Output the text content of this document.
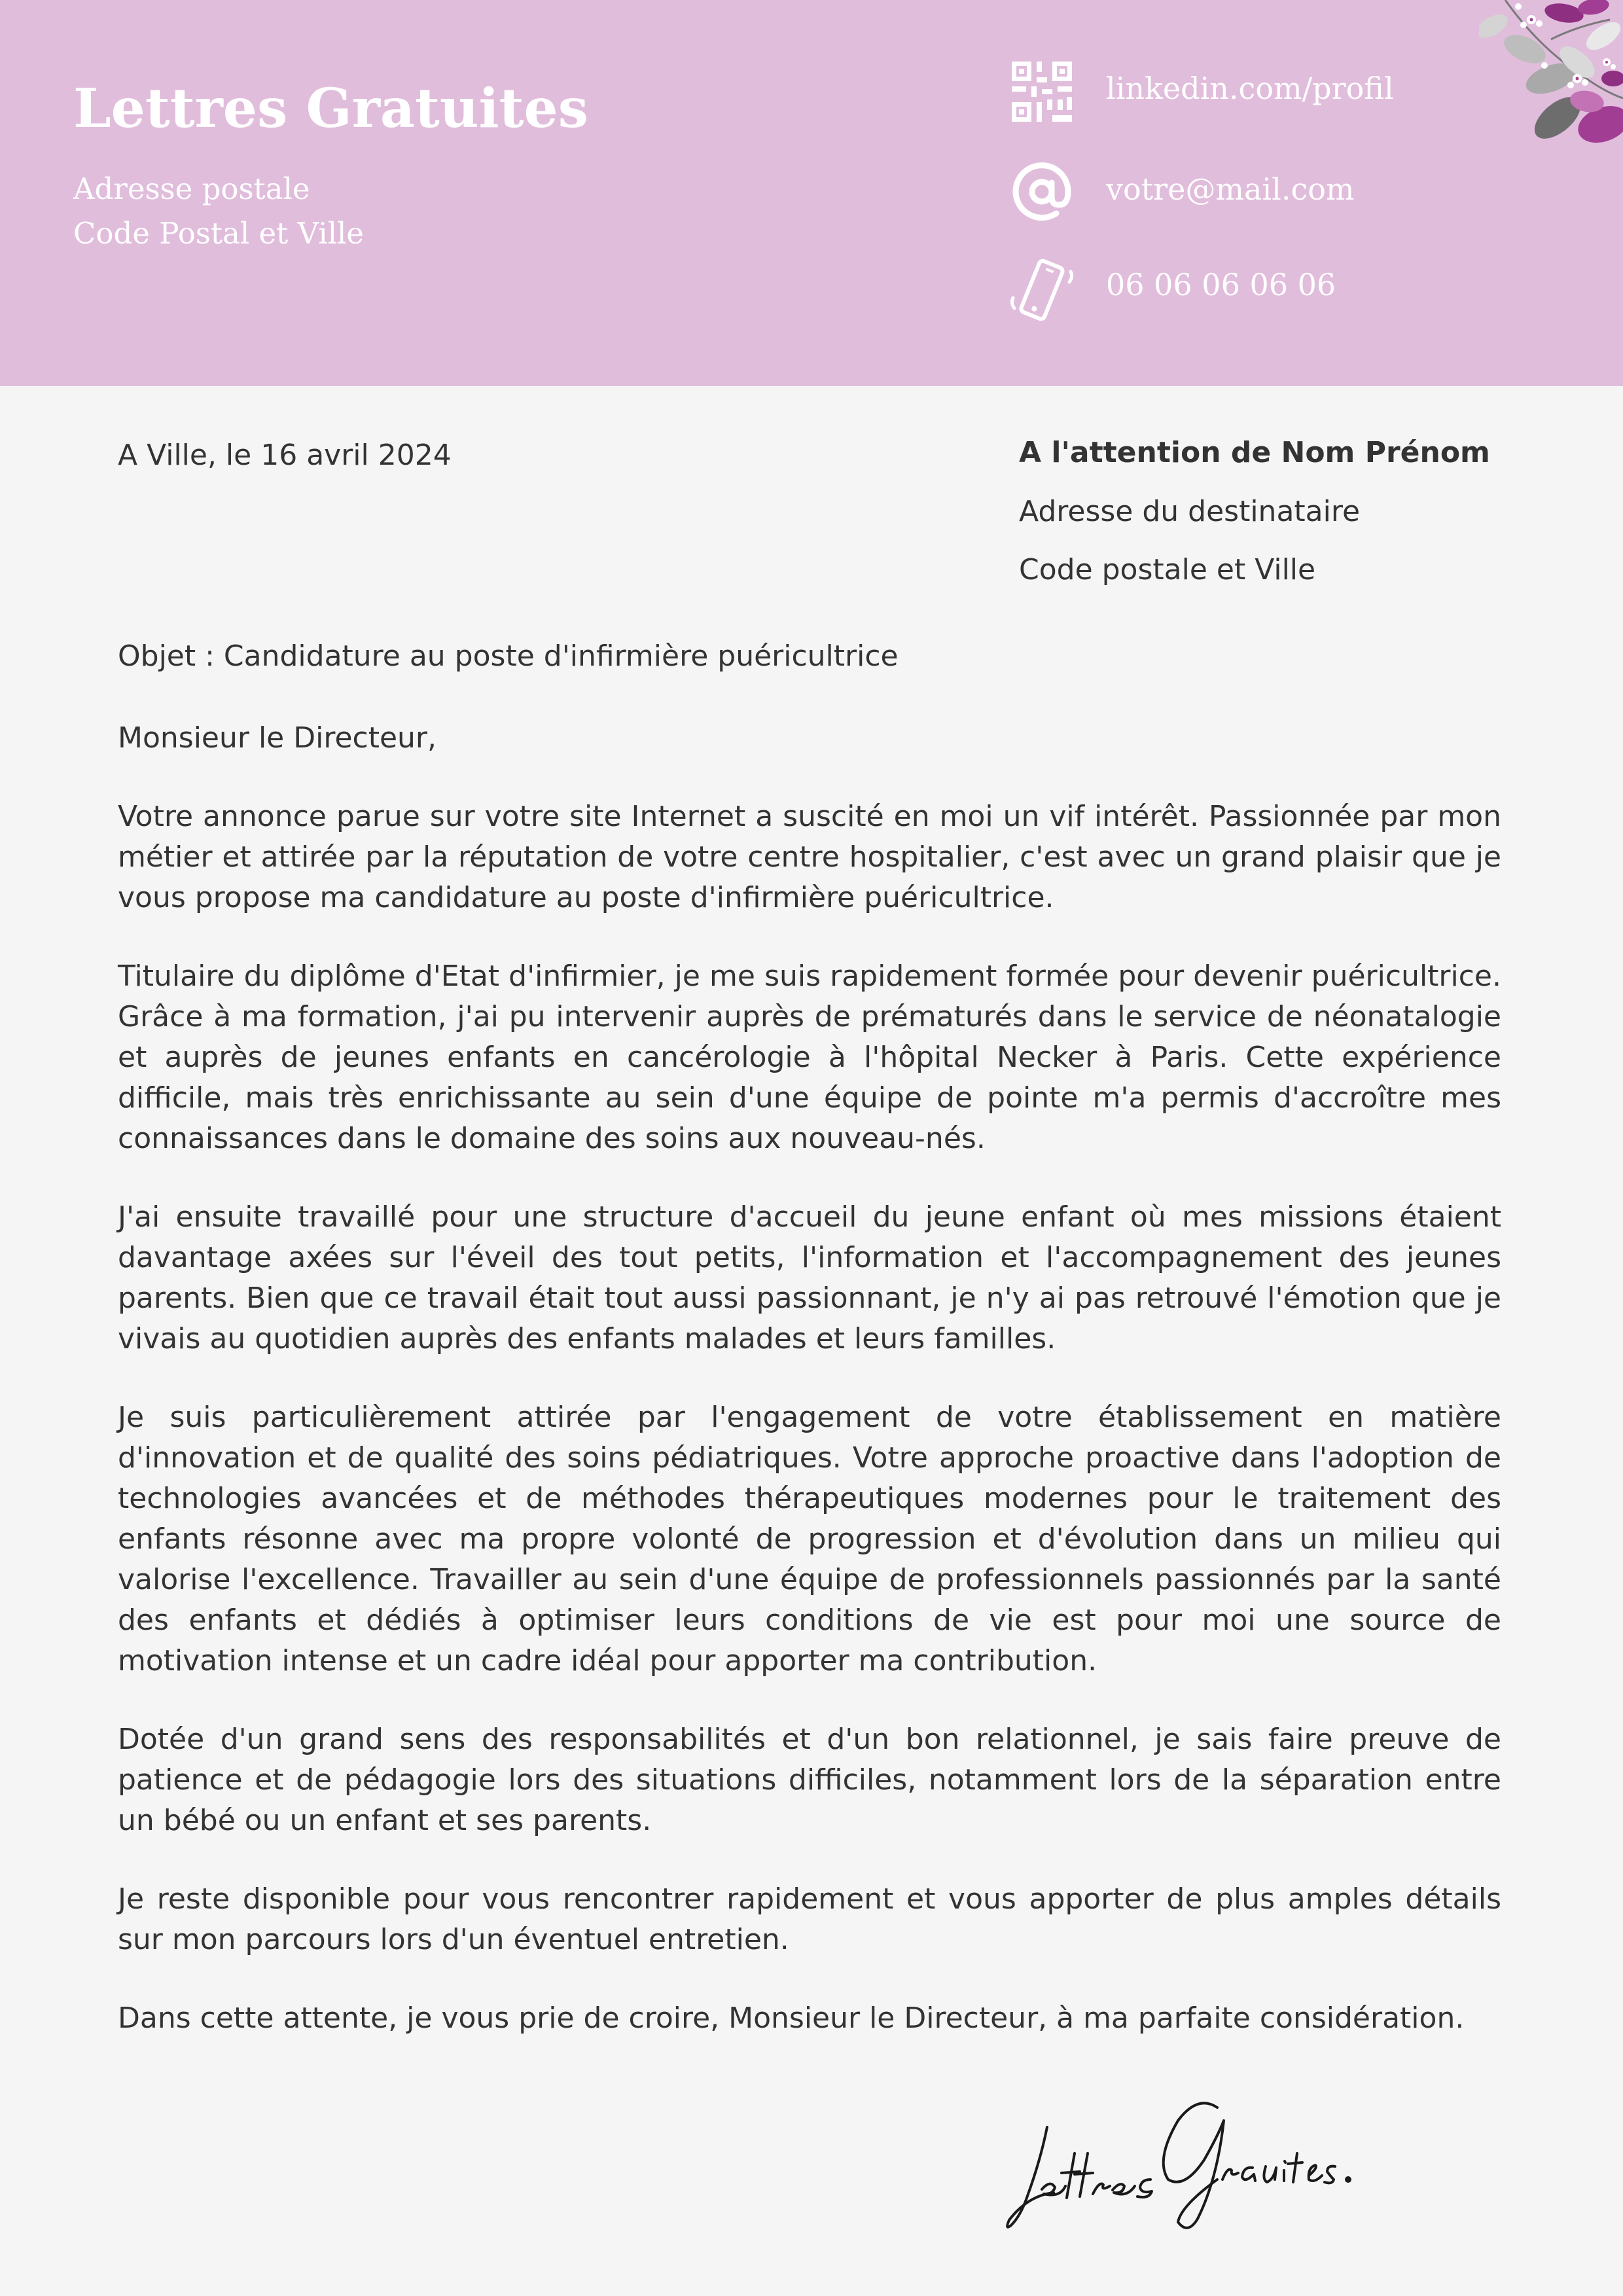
Lettres Gratuites
Adresse postale
Code Postal et Ville
linkedin.com/profil
votre@mail.com
06 06 06 06 06
A Ville, le 16 avril 2024	A l'attention de Nom Prénom
Adresse du destinataire
Code postale et Ville
Objet : Candidature au poste d'infirmière puéricultrice

Monsieur le Directeur,

Votre annonce parue sur votre site Internet a suscité en moi un vif intérêt. Passionnée par mon métier et attirée par la réputation de votre centre hospitalier, c'est avec un grand plaisir que je vous propose ma candidature au poste d'infirmière puéricultrice.

Titulaire du diplôme d'Etat d'infirmier, je me suis rapidement formée pour devenir puéricultrice. Grâce à ma formation, j'ai pu intervenir auprès de prématurés dans le service de néonatalogie et auprès de jeunes enfants en cancérologie à l'hôpital Necker à Paris. Cette expérience difficile, mais très enrichissante au sein d'une équipe de pointe m'a permis d'accroître mes connaissances dans le domaine des soins aux nouveau-nés.

J'ai ensuite travaillé pour une structure d'accueil du jeune enfant où mes missions étaient davantage axées sur l'éveil des tout petits, l'information et l'accompagnement des jeunes parents. Bien que ce travail était tout aussi passionnant, je n'y ai pas retrouvé l'émotion que je vivais au quotidien auprès des enfants malades et leurs familles.

Je suis particulièrement attirée par l'engagement de votre établissement en matière d'innovation et de qualité des soins pédiatriques. Votre approche proactive dans l'adoption de technologies avancées et de méthodes thérapeutiques modernes pour le traitement des enfants résonne avec ma propre volonté de progression et d'évolution dans un milieu qui valorise l'excellence. Travailler au sein d'une équipe de professionnels passionnés par la santé des enfants et dédiés à optimiser leurs conditions de vie est pour moi une source de motivation intense et un cadre idéal pour apporter ma contribution.

Dotée d'un grand sens des responsabilités et d'un bon relationnel, je sais faire preuve de patience et de pédagogie lors des situations difficiles, notamment lors de la séparation entre un bébé ou un enfant et ses parents.

Je reste disponible pour vous rencontrer rapidement et vous apporter de plus amples détails sur mon parcours lors d'un éventuel entretien.

Dans cette attente, je vous prie de croire, Monsieur le Directeur, à ma parfaite considération.
